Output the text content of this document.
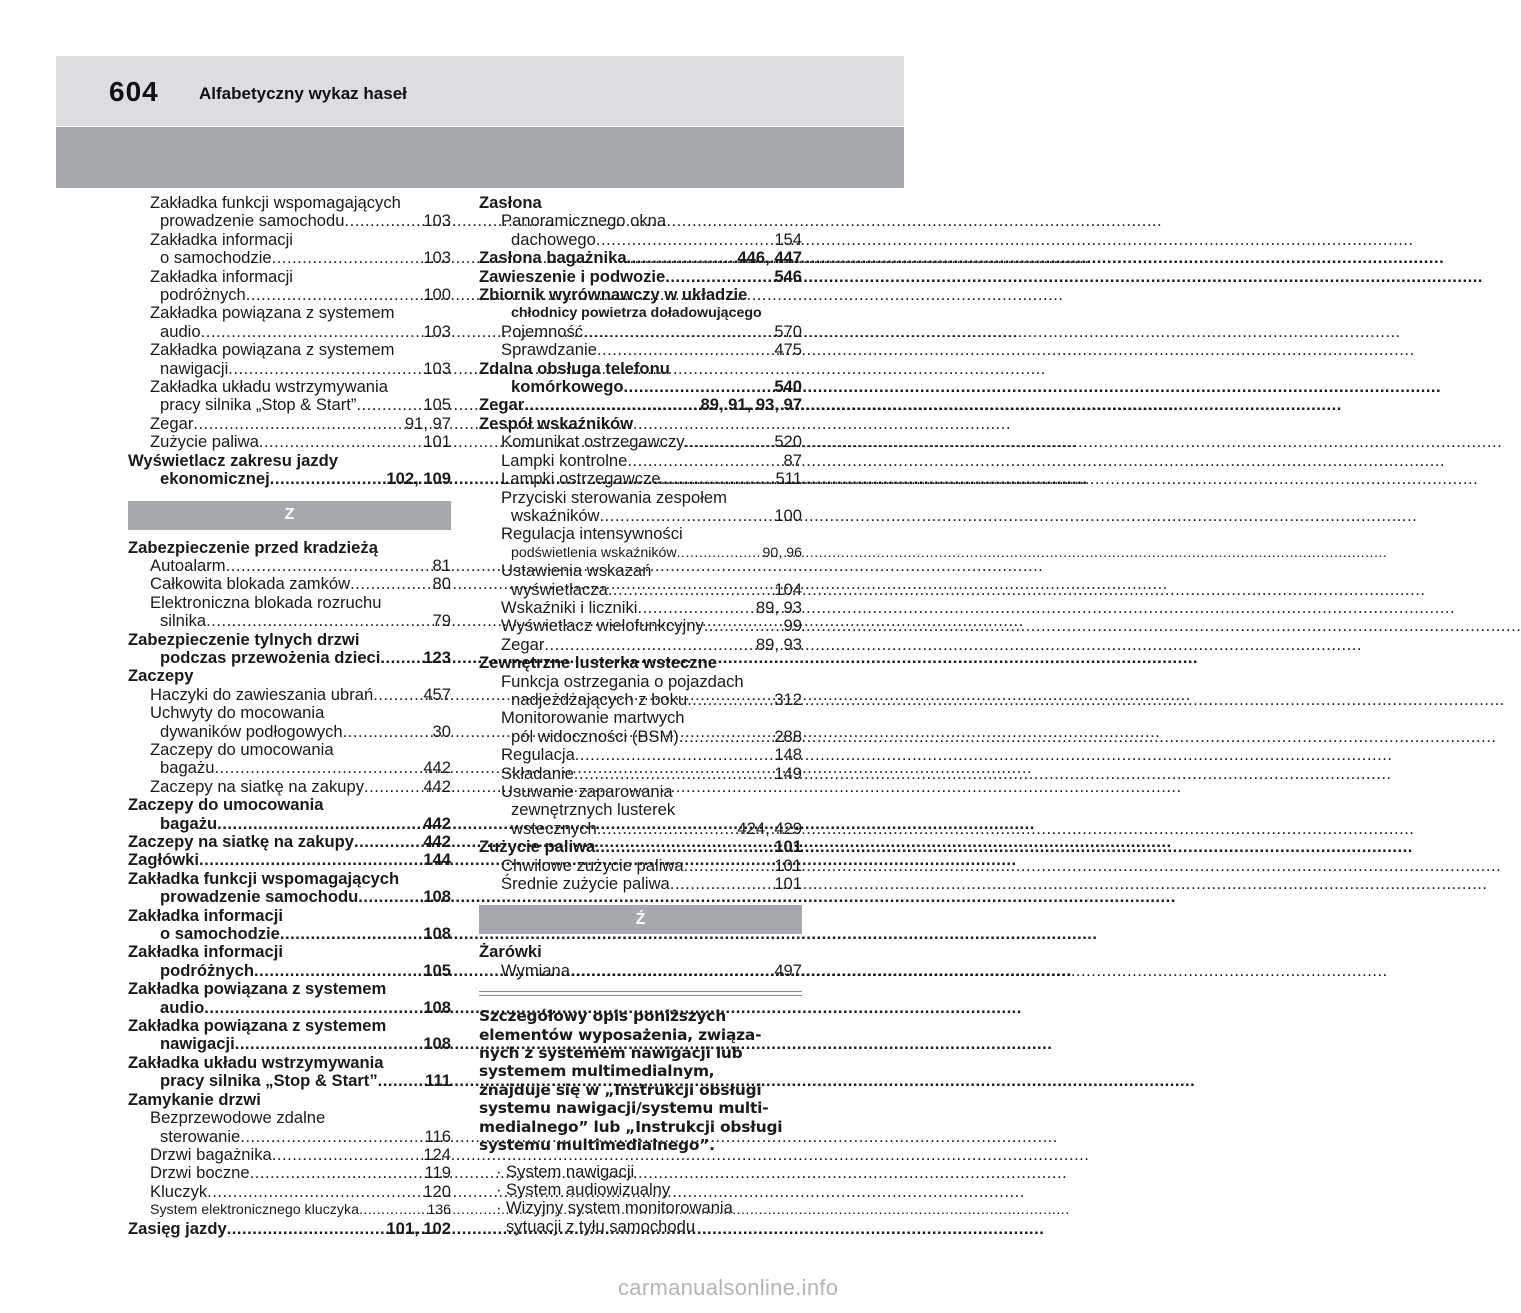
604 Alfabetyczny wykaz haseł
Zakładka funkcji wspomagających
prowadzenie samochodu .....	103
Zakładka informacji
o samochodzie .....	103
Zakładka informacji
podróżnych .....	100
Zakładka powiązana z systemem
audio .....	103
Zakładka powiązana z systemem
nawigacji .....	103
Zakładka układu wstrzymywania
pracy silnika „Stop & Start” .....	105
Zegar .....	91, 97
Zużycie paliwa .....	101
Wyświetlacz zakresu jazdy
ekonomicznej .....	102, 109
Z
Zabezpieczenie przed kradzieżą
Autoalarm .....	81
Całkowita blokada zamków .....	80
Elektroniczna blokada rozruchu
silnika .....	79
Zabezpieczenie tylnych drzwi
podczas przewożenia dzieci .....	123
Zaczepy
Haczyki do zawieszania ubrań .....	457
Uchwyty do mocowania
dywaników podłogowych .....	30
Zaczepy do umocowania
bagażu .....	442
Zaczepy na siatkę na zakupy .....	442
Zaczepy do umocowania
bagażu .....	442
Zaczepy na siatkę na zakupy .....	442
Zagłówki .....	144
Zakładka funkcji wspomagających
prowadzenie samochodu .....	108
Zakładka informacji
o samochodzie .....	108
Zakładka informacji
podróżnych .....	105
Zakładka powiązana z systemem
audio .....	108
Zakładka powiązana z systemem
nawigacji .....	108
Zakładka układu wstrzymywania
pracy silnika „Stop & Start” .....	111
Zamykanie drzwi
Bezprzewodowe zdalne
sterowanie .....	116
Drzwi bagażnika .....	124
Drzwi boczne .....	119
Kluczyk .....	120
System elektronicznego kluczyka .....	136
Zasięg jazdy .....	101, 102
Zasłona
Panoramicznego okna
dachowego .....	154
Zasłona bagażnika .....	446, 447
Zawieszenie i podwozie .....	546
Zbiornik wyrównawczy w układzie
chłodnicy powietrza doładowującego
Pojemność .....	570
Sprawdzanie .....	475
Zdalna obsługa telefonu
komórkowego .....	540
Zegar .....	89, 91, 93, 97
Zespół wskaźników
Komunikat ostrzegawczy .....	520
Lampki kontrolne .....	87
Lampki ostrzegawcze .....	511
Przyciski sterowania zespołem
wskaźników .....	100
Regulacja intensywności
podświetlenia wskaźników .....	90, 96
Ustawienia wskazań
wyświetlacza .....	104
Wskaźniki i liczniki .....	89, 93
Wyświetlacz wielofunkcyjny .....	99
Zegar .....	89, 93
Zewnętrzne lusterka wsteczne
Funkcja ostrzegania o pojazdach
nadjeżdżających z boku .....	312
Monitorowanie martwych
pól widoczności (BSM) .....	288
Regulacja .....	148
Składanie .....	149
Usuwanie zaparowania
zewnętrznych lusterek
wstecznych .....	424, 429
Zużycie paliwa .....	101
Chwilowe zużycie paliwa .....	101
Średnie zużycie paliwa .....	101
Ź
Żarówki
Wymiana .....	497
Szczegółowy opis poniższych
elementów wyposażenia, związa-
nych z systemem nawigacji lub
systemem multimedialnym,
znajduje się w „Instrukcji obsługi
systemu nawigacji/systemu multi-
medialnego” lub „Instrukcji obsługi
systemu multimedialnego”.
· System nawigacji
· System audiowizualny
· Wizyjny system monitorowania
sytuacji z tyłu samochodu
carmanualsonline.info
